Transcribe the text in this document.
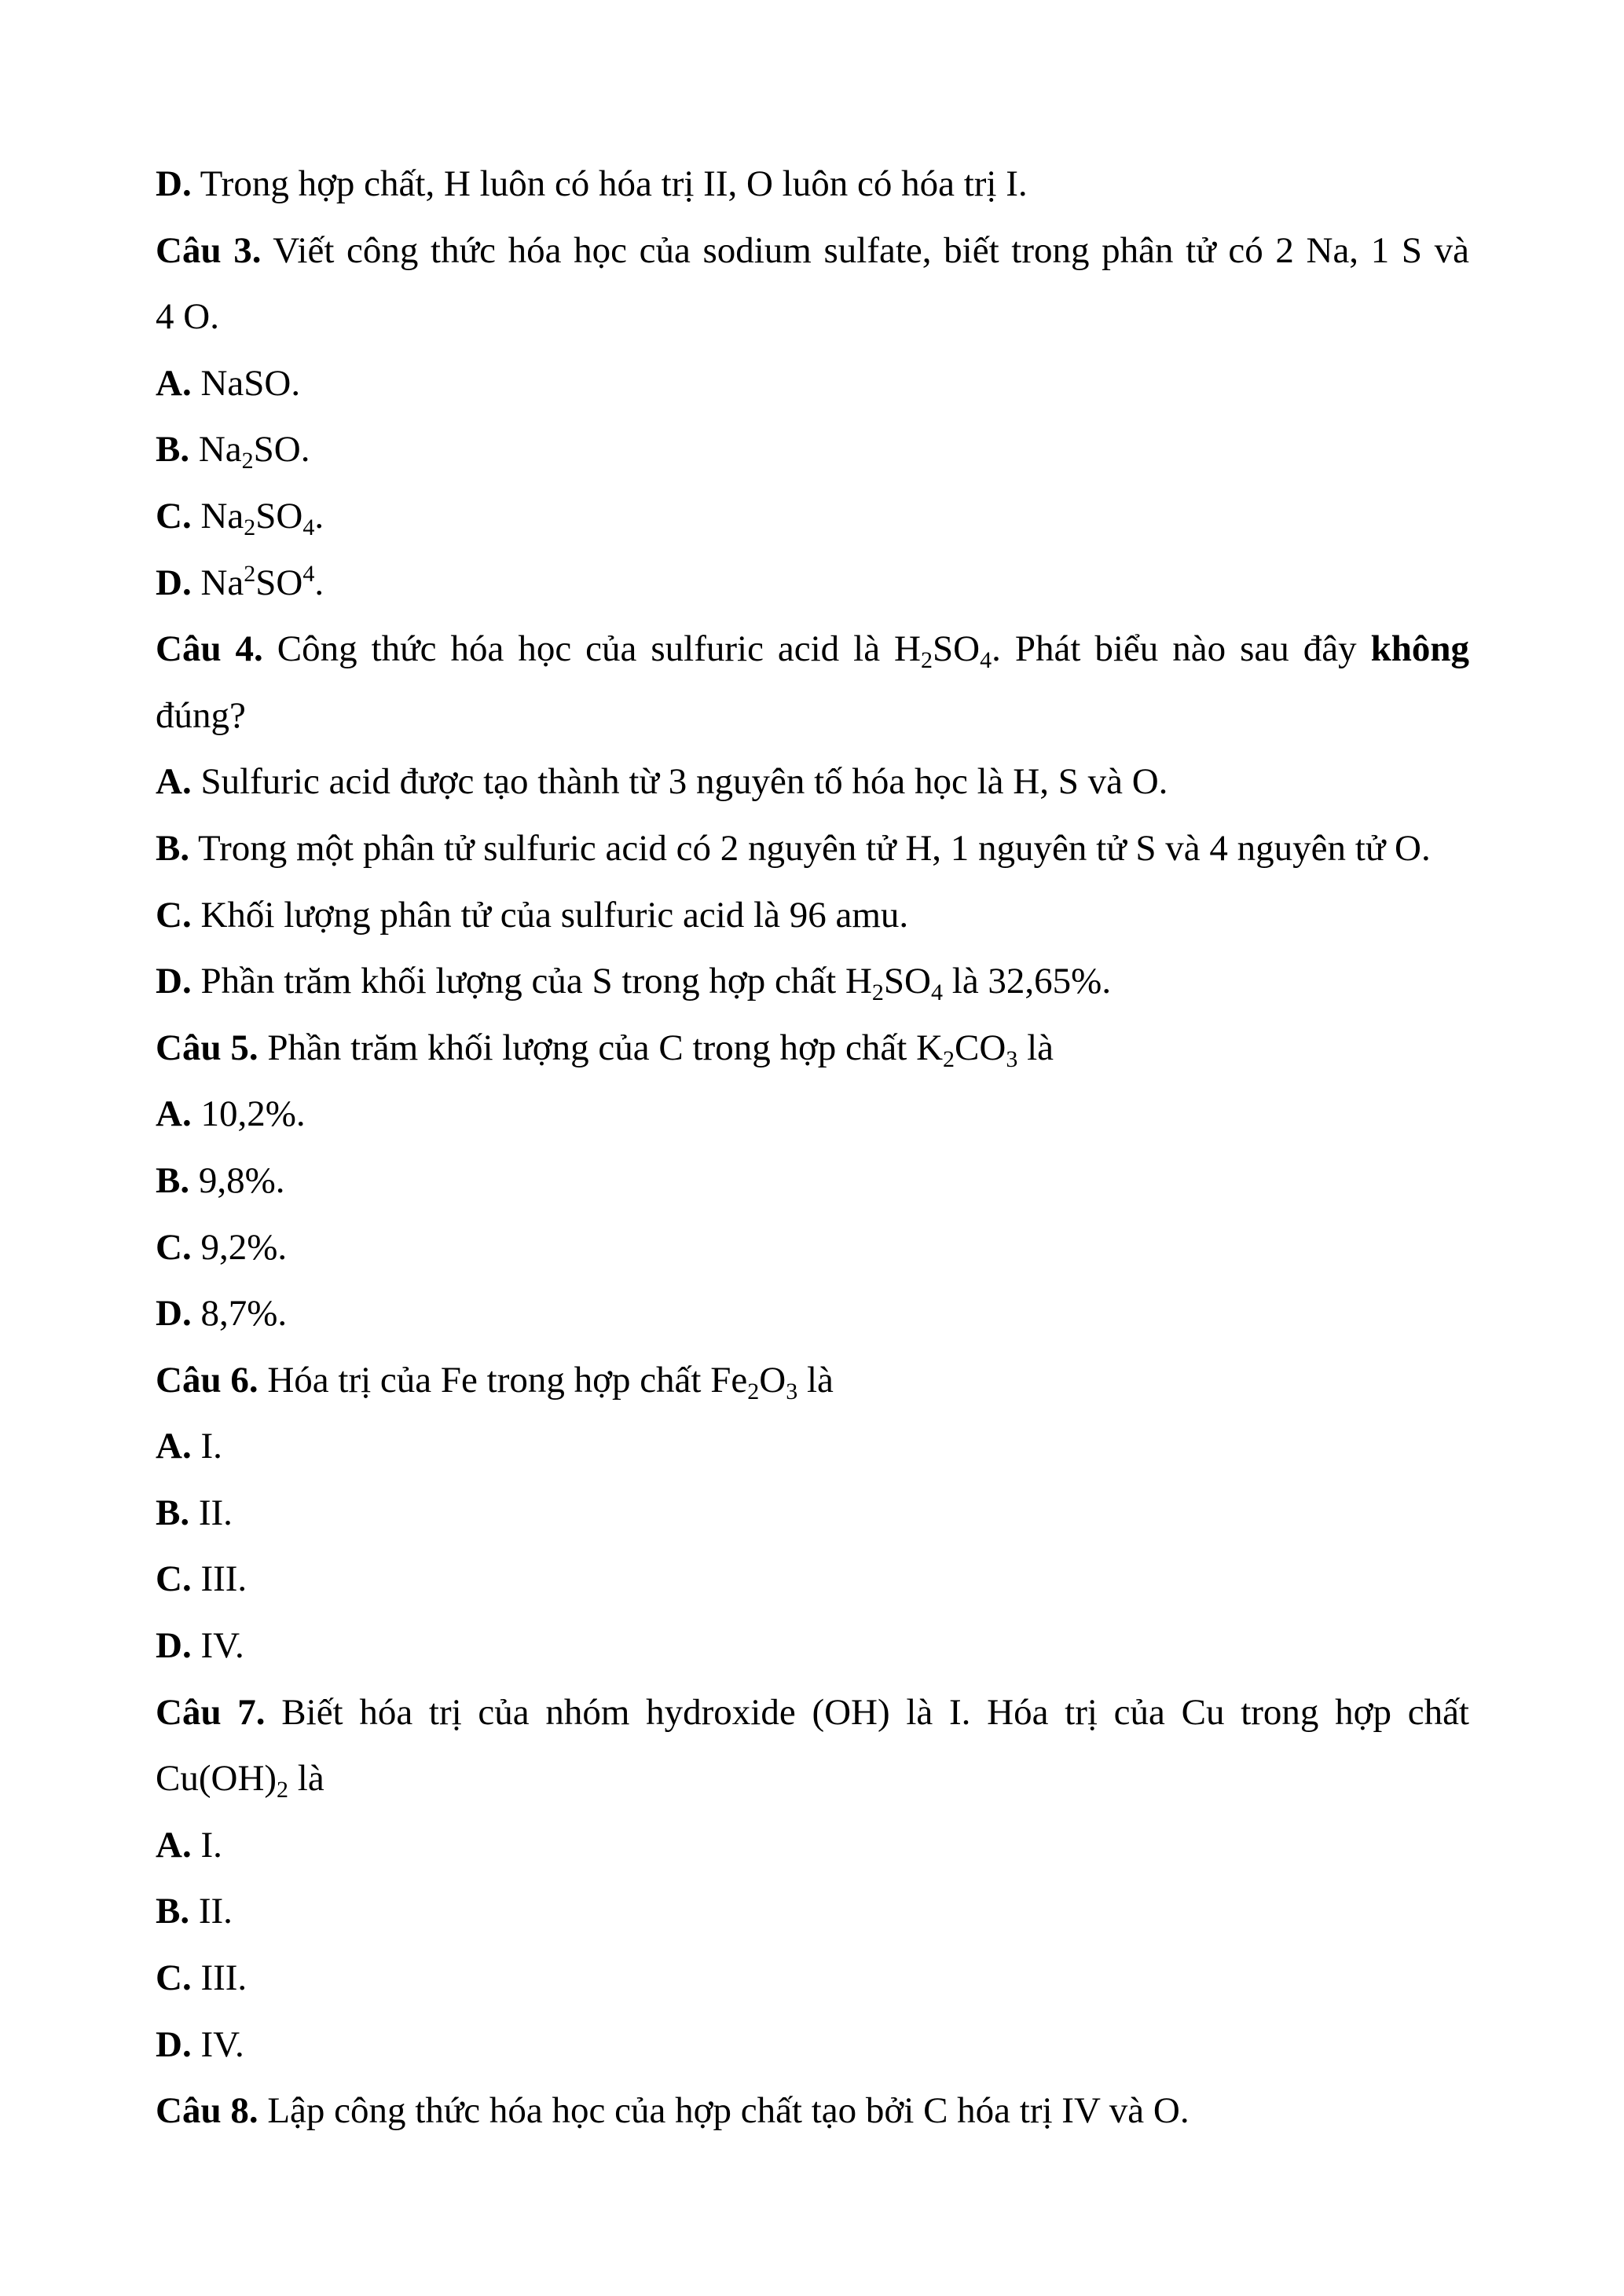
D. Trong hợp chất, H luôn có hóa trị II, O luôn có hóa trị I.
Câu 3. Viết công thức hóa học của sodium sulfate, biết trong phân tử có 2 Na, 1 S và
4 O.
A. NaSO.
B. $Na_2SO$.
C. $Na_2SO_4$.
D. $Na^2SO^4$.
Câu 4. Công thức hóa học của sulfuric acid là $H_2SO_4$. Phát biểu nào sau đây không
đúng?
A. Sulfuric acid được tạo thành từ 3 nguyên tố hóa học là H, S và O.
B. Trong một phân tử sulfuric acid có 2 nguyên tử H, 1 nguyên tử S và 4 nguyên tử O.
C. Khối lượng phân tử của sulfuric acid là 96 amu.
D. Phần trăm khối lượng của S trong hợp chất $H_2SO_4$ là 32,65%.
Câu 5. Phần trăm khối lượng của C trong hợp chất $K_2CO_3$ là
A. 10,2%.
B. 9,8%.
C. 9,2%.
D. 8,7%.
Câu 6. Hóa trị của Fe trong hợp chất $Fe_2O_3$ là
A. I.
B. II.
C. III.
D. IV.
Câu 7. Biết hóa trị của nhóm hydroxide (OH) là I. Hóa trị của Cu trong hợp chất
$Cu(OH)_2$ là
A. I.
B. II.
C. III.
D. IV.
Câu 8. Lập công thức hóa học của hợp chất tạo bởi C hóa trị IV và O.
